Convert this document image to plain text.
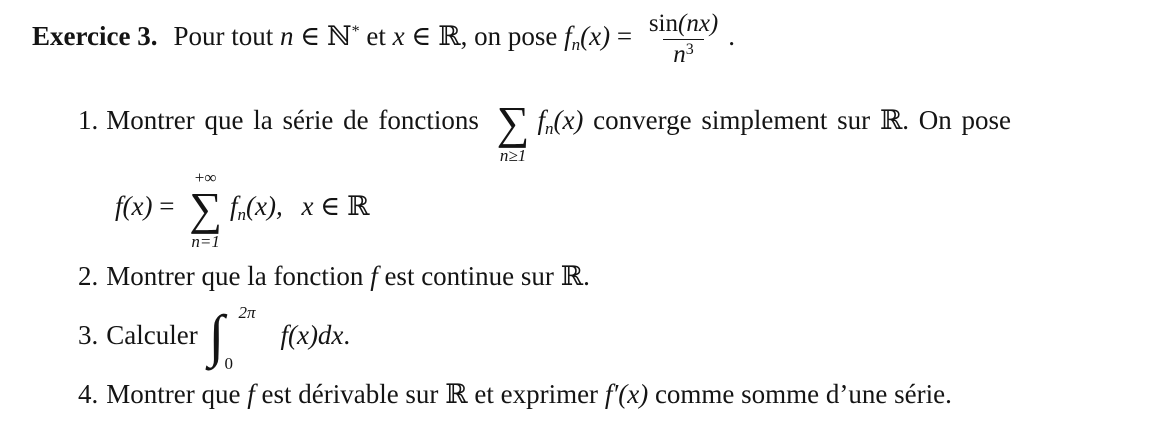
Exercice 3. Pour tout n ∈ ℕ* et x ∈ ℝ, on pose $f_n(x) = \frac{\sin(nx)}{n^3}$ .
1. Montrer que la série de fonctions ∑
n≥1
$f_n(x)$ converge simplement sur ℝ. On pose
f(x) =
+∞
∑
n=1
$f_n(x)$, x ∈ ℝ
2. Montrer que la fonction f est continue sur ℝ.
3. Calculer ∫ 2π
0
f(x)dx.
4. Montrer que f est dérivable sur ℝ et exprimer f′(x) comme somme d’une série.
